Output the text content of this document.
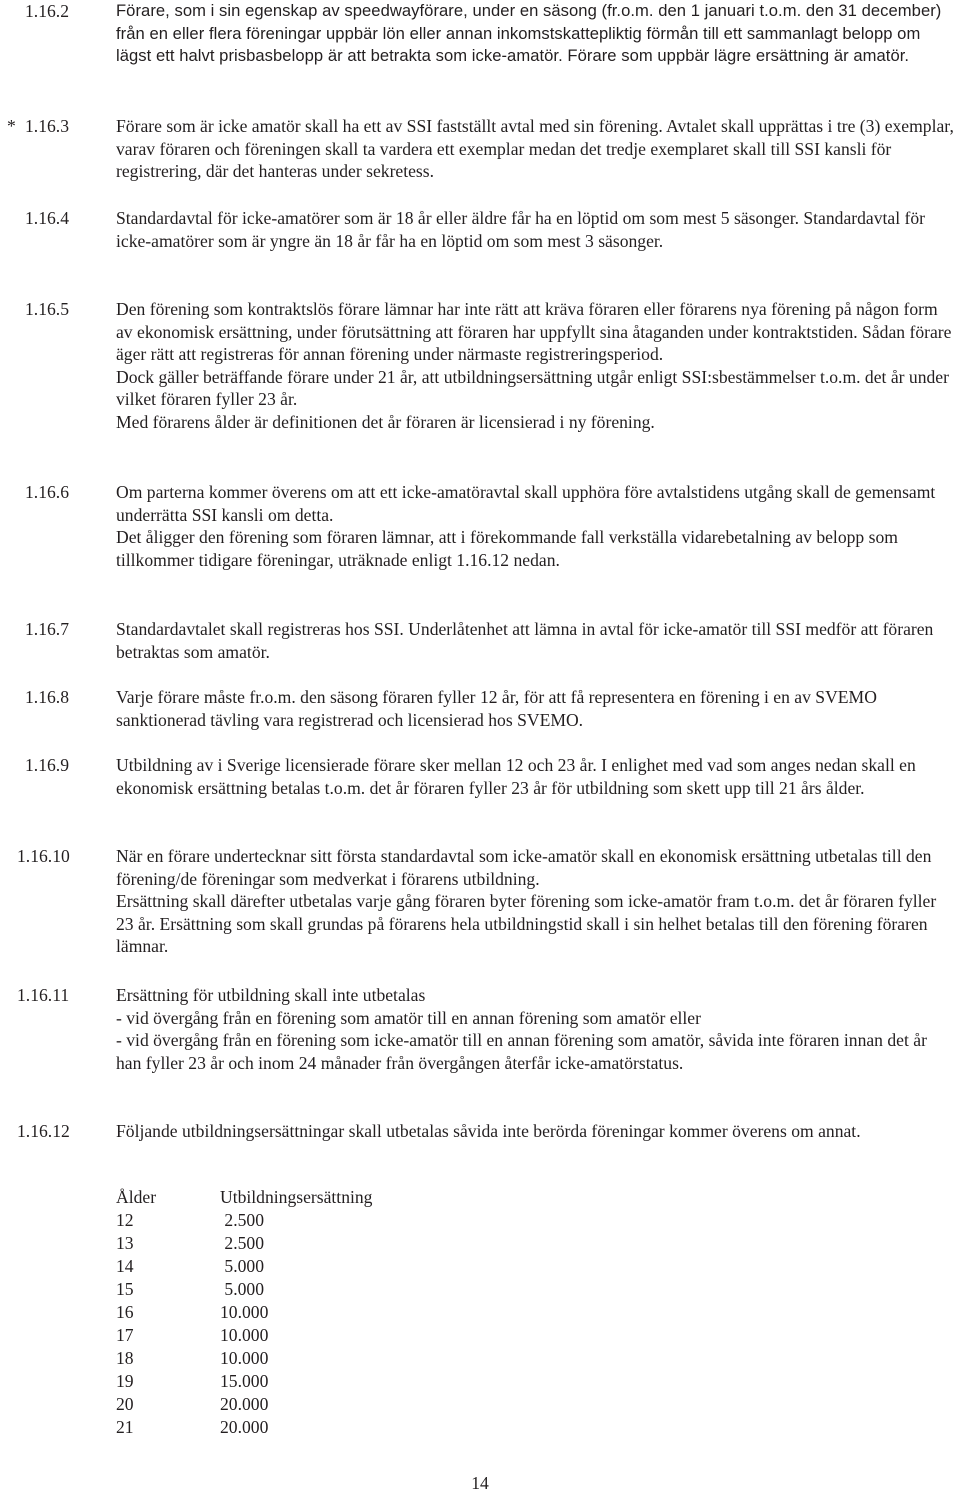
1.16.2	Förare, som i sin egenskap av speedwayförare, under en säsong (fr.o.m. den 1 januari t.o.m. den 31 december) från en eller flera föreningar uppbär lön eller annan inkomstskattepliktig förmån till ett sammanlagt belopp om lägst ett halvt prisbasbelopp är att betrakta som icke-amatör. Förare som uppbär lägre ersättning är amatör.

* 1.16.3	Förare som är icke amatör skall ha ett av SSI fastställt avtal med sin förening. Avtalet skall upprättas i tre (3) exemplar, varav föraren och föreningen skall ta vardera ett exemplar medan det tredje exemplaret skall till SSI kansli för registrering, där det hanteras under sekretess.

1.16.4	Standardavtal för icke-amatörer som är 18 år eller äldre får ha en löptid om som mest 5 säsonger. Standardavtal för icke-amatörer som är yngre än 18 år får ha en löptid om som mest 3 säsonger.

1.16.5	Den förening som kontraktslös förare lämnar har inte rätt att kräva föraren eller förarens nya förening på någon form av ekonomisk ersättning, under förutsättning att föraren har uppfyllt sina åtaganden under kontraktstiden. Sådan förare äger rätt att registreras för annan förening under närmaste registreringsperiod.

Dock gäller beträffande förare under 21 år, att utbildningsersättning utgår enligt SSI:sbestämmelser t.o.m. det år under vilket föraren fyller 23 år.

Med förarens ålder är definitionen det år föraren är licensierad i ny förening.

1.16.6	Om parterna kommer överens om att ett icke-amatöravtal skall upphöra före avtalstidens utgång skall de gemensamt underrätta SSI kansli om detta.

Det åligger den förening som föraren lämnar, att i förekommande fall verkställa vidarebetalning av belopp som tillkommer tidigare föreningar, uträknade enligt 1.16.12 nedan.

1.16.7	Standardavtalet skall registreras hos SSI. Underlåtenhet att lämna in avtal för icke-amatör till SSI medför att föraren betraktas som amatör.

1.16.8	Varje förare måste fr.o.m. den säsong föraren fyller 12 år, för att få representera en förening i en av SVEMO sanktionerad tävling vara registrerad och licensierad hos SVEMO.

1.16.9	Utbildning av i Sverige licensierade förare sker mellan 12 och 23 år. I enlighet med vad som anges nedan skall en ekonomisk ersättning betalas t.o.m. det år föraren fyller 23 år för utbildning som skett upp till 21 års ålder.

1.16.10	När en förare undertecknar sitt första standardavtal som icke-amatör skall en ekonomisk ersättning utbetalas till den förening/de föreningar som medverkat i förarens utbildning.

Ersättning skall därefter utbetalas varje gång föraren byter förening som icke-amatör fram t.o.m. det år föraren fyller 23 år. Ersättning som skall grundas på förarens hela utbildningstid skall i sin helhet betalas till den förening föraren lämnar.

1.16.11	Ersättning för utbildning skall inte utbetalas

- vid övergång från en förening som amatör till en annan förening som amatör eller

- vid övergång från en förening som icke-amatör till en annan förening som amatör, såvida inte föraren innan det år han fyller 23 år och inom 24 månader från övergången återfår icke-amatörstatus.

1.16.12	Följande utbildningsersättningar skall utbetalas såvida inte berörda föreningar kommer överens om annat.

Ålder	Utbildningsersättning
12	2.500
13	2.500
14	5.000
15	5.000
16	10.000
17	10.000
18	10.000
19	15.000
20	20.000
21	20.000
14
